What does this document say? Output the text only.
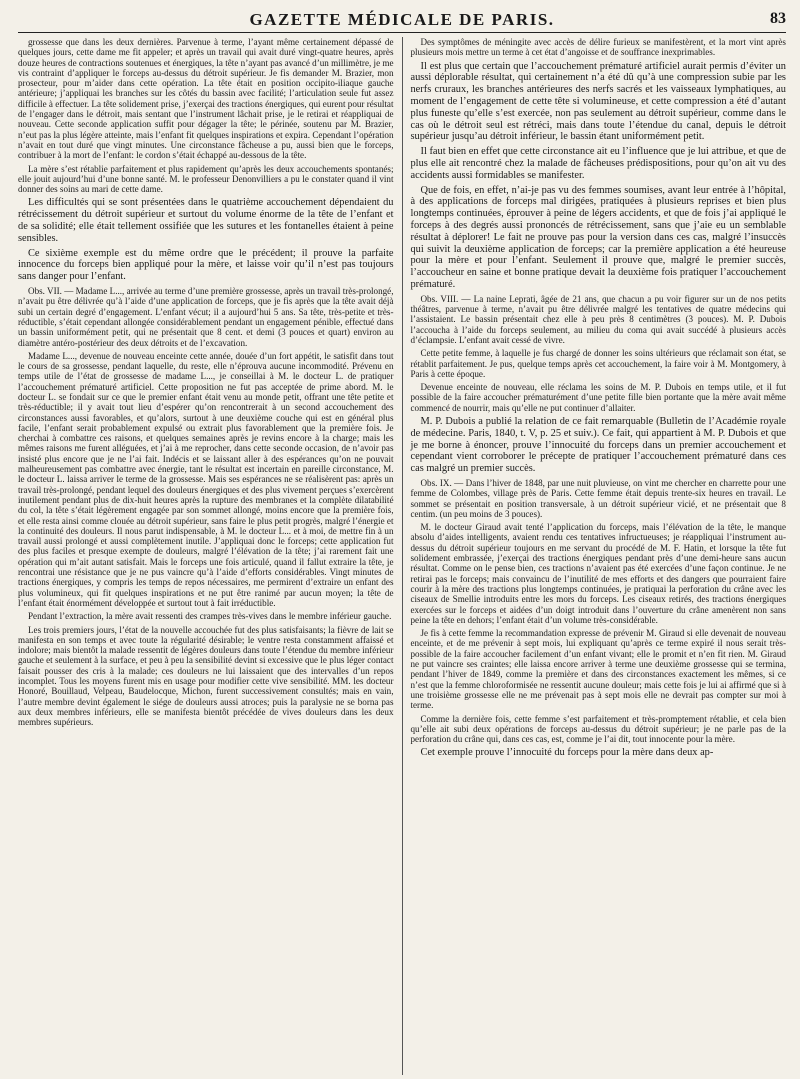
GAZETTE MÉDICALE DE PARIS.	83

grossesse que dans les deux dernières. Parvenue à terme, l’ayant même certainement dépassé de quelques jours, cette dame me fit appeler; et après un travail qui avait duré vingt-quatre heures, après douze heures de contractions soutenues et énergiques, la tête n’ayant pas avancé d’un millimètre, je me vis contraint d’appliquer le forceps au-dessus du détroit supérieur. Je fis demander M. Brazier, mon prosecteur, pour m’aider dans cette opération. La tête était en position occipito-iliaque gauche antérieure; j’appliquai les branches sur les côtés du bassin avec facilité; l’articulation seule fut assez difficile à effectuer. La tête solidement prise, j’exerçai des tractions énergiques, qui eurent pour résultat de l’engager dans le détroit, mais sentant que l’instrument lâchait prise, je le retirai et réappliquai de nouveau. Cette seconde application suffit pour dégager la tête; le périnée, soutenu par M. Brazier, n’eut pas la plus légère atteinte, mais l’enfant fit quelques inspirations et expira. Cependant l’opération n’avait en tout duré que vingt minutes. Une circonstance fâcheuse a pu, aussi bien que le forceps, contribuer à la mort de l’enfant: le cordon s’était échappé au-dessous de la tête.

La mère s’est rétablie parfaitement et plus rapidement qu’après les deux accouchements spontanés; elle jouit aujourd’hui d’une bonne santé. M. le professeur Denonvilliers a pu le constater quand il vint donner des soins au mari de cette dame.

Les difficultés qui se sont présentées dans le quatrième accouchement dépendaient du rétrécissement du détroit supérieur et surtout du volume énorme de la tête de l’enfant et de sa solidité; elle était tellement ossifiée que les sutures et les fontanelles étaient à peine sensibles.

Ce sixième exemple est du même ordre que le précédent; il prouve la parfaite innocence du forceps bien appliqué pour la mère, et laisse voir qu’il n’est pas toujours sans danger pour l’enfant.

Obs. VII. — Madame L..., arrivée au terme d’une première grossesse, après un travail très-prolongé, n’avait pu être délivrée qu’à l’aide d’une application de forceps, que je fis après que la tête avait déjà subi un certain degré d’engagement. L’enfant vécut; il a aujourd’hui 5 ans. Sa tête, très-petite et très-réductible, s’était cependant allongée considérablement pendant un engagement pénible, effectué dans un bassin uniformément petit, qui ne présentait que 8 cent. et demi (3 pouces et quart) environ au diamètre antéro-postérieur des deux détroits et de l’excavation.

Madame L..., devenue de nouveau enceinte cette année, douée d’un fort appétit, le satisfit dans tout le cours de sa grossesse, pendant laquelle, du reste, elle n’éprouva aucune incommodité. Prévenu en temps utile de l’état de grossesse de madame L..., je conseillai à M. le docteur L. de pratiquer l’accouchement prématuré artificiel. Cette proposition ne fut pas acceptée de prime abord. M. le docteur L. se fondait sur ce que le premier enfant était venu au monde petit, offrant une tête petite et très-réductible; il y avait tout lieu d’espérer qu’on rencontrerait à un second accouchement des circonstances aussi favorables, et qu’alors, surtout à une deuxième couche qui est en général plus facile, l’enfant serait probablement expulsé ou extrait plus favorablement que la première fois. Je cherchai à combattre ces raisons, et quelques semaines après je revins encore à la charge; mais les mêmes raisons me furent alléguées, et j’ai à me reprocher, dans cette seconde occasion, de n’avoir pas insisté plus encore que je ne l’ai fait. Indécis et se laissant aller à des espérances qu’on ne pouvait malheureusement pas combattre avec énergie, tant le résultat est incertain en pareille circonstance, M. le docteur L. laissa arriver le terme de la grossesse. Mais ses espérances ne se réalisèrent pas: après un travail très-prolongé, pendant lequel des douleurs énergiques et des plus vivement perçues s’exercèrent inutilement pendant plus de dix-huit heures après la rupture des membranes et la complète dilatabilité du col, la tête s’était légèrement engagée par son sommet allongé, moins encore que la première fois, et elle resta ainsi comme clouée au détroit supérieur, sans faire le plus petit progrès, malgré l’énergie et la continuité des douleurs. Il nous parut indispensable, à M. le docteur L... et à moi, de mettre fin à un travail aussi prolongé et aussi complètement inutile. J’appliquai donc le forceps; cette application fut des plus faciles et presque exempte de douleurs, malgré l’élévation de la tête; j’ai rarement fait une opération qui m’ait autant satisfait. Mais le forceps une fois articulé, quand il fallut extraire la tête, je rencontrai une résistance que je ne pus vaincre qu’à l’aide d’efforts considérables. Vingt minutes de tractions énergiques, y compris les temps de repos nécessaires, me permirent d’extraire un enfant des plus volumineux, qui fit quelques inspirations et ne put être ranimé par aucun moyen; la tête de l’enfant était énormément développée et surtout tout à fait irréductible.

Pendant l’extraction, la mère avait ressenti des crampes très-vives dans le membre inférieur gauche.

Les trois premiers jours, l’état de la nouvelle accouchée fut des plus satisfaisants; la fièvre de lait se manifesta en son temps et avec toute la régularité désirable; le ventre resta constamment affaissé et indolore; mais bientôt la malade ressentit de légères douleurs dans toute l’étendue du membre inférieur gauche et seulement à la surface, et peu à peu la sensibilité devint si excessive que le plus léger contact faisait pousser des cris à la malade; ces douleurs ne lui laissaient que des intervalles d’un repos incomplet. Tous les moyens furent mis en usage pour modifier cette vive sensibilité. MM. les docteur Honoré, Bouillaud, Velpeau, Baudelocque, Michon, furent successivement consultés; mais en vain, l’autre membre devint également le siége de douleurs aussi atroces; puis la paralysie ne se borna pas aux deux membres inférieurs, elle se manifesta bientôt précédée de vives douleurs dans les deux membres supérieurs.

Des symptômes de méningite avec accès de délire furieux se manifestèrent, et la mort vint après plusieurs mois mettre un terme à cet état d’angoisse et de souffrance inexprimables.

Il est plus que certain que l’accouchement prématuré artificiel aurait permis d’éviter un aussi déplorable résultat, qui certainement n’a été dû qu’à une compression subie par les nerfs cruraux, les branches antérieures des nerfs sacrés et les vaisseaux lymphatiques, au moment de l’engagement de cette tête si volumineuse, et cette compression a été d’autant plus funeste qu’elle s’est exercée, non pas seulement au détroit supérieur, comme dans le cas où le détroit seul est rétréci, mais dans toute l’étendue du canal, depuis le détroit supérieur jusqu’au détroit inférieur, le bassin étant uniformément petit.

Il faut bien en effet que cette circonstance ait eu l’influence que je lui attribue, et que de plus elle ait rencontré chez la malade de fâcheuses prédispositions, pour qu’on ait vu des accidents aussi formidables se manifester.

Que de fois, en effet, n’ai-je pas vu des femmes soumises, avant leur entrée à l’hôpital, à des applications de forceps mal dirigées, pratiquées à plusieurs reprises et bien plus longtemps continuées, éprouver à peine de légers accidents, et que de fois j’ai appliqué le forceps à des degrés aussi prononcés de rétrécissement, sans que j’aie eu un semblable résultat à déplorer! Le fait ne prouve pas pour la version dans ces cas, malgré l’insuccès qui suivit la deuxième application de forceps; car la première application a été heureuse pour la mère et pour l’enfant. Seulement il prouve que, malgré le premier succès, l’accoucheur en saine et bonne pratique devait la deuxième fois pratiquer l’accouchement prématuré.

Obs. VIII. — La naine Leprati, âgée de 21 ans, que chacun a pu voir figurer sur un de nos petits théâtres, parvenue à terme, n’avait pu être délivrée malgré les tentatives de quatre médecins qui l’assistaient. Le bassin présentait chez elle à peu près 8 centimètres (3 pouces). M. P. Dubois l’accoucha à l’aide du forceps seulement, au milieu du coma qui avait succédé à plusieurs accès d’éclampsie. L’enfant avait cessé de vivre.

Cette petite femme, à laquelle je fus chargé de donner les soins ultérieurs que réclamait son état, se rétablit parfaitement. Je pus, quelque temps après cet accouchement, la faire voir à M. Montgomery, à Paris à cette époque.

Devenue enceinte de nouveau, elle réclama les soins de M. P. Dubois en temps utile, et il fut possible de la faire accoucher prématurément d’une petite fille bien portante que la mère avait même commencé de nourrir, mais qu’elle ne put continuer d’allaiter.

M. P. Dubois a publié la relation de ce fait remarquable (Bulletin de l’Académie royale de médecine. Paris, 1840, t. V, p. 25 et suiv.). Ce fait, qui appartient à M. P. Dubois et que je me borne à énoncer, prouve l’innocuité du forceps dans un premier accouchement et cependant vient corroborer le précepte de pratiquer l’accouchement prématuré dans ces cas malgré un premier succès.

Obs. IX. — Dans l’hiver de 1848, par une nuit pluvieuse, on vint me chercher en charrette pour une femme de Colombes, village près de Paris. Cette femme était depuis trente-six heures en travail. Le sommet se présentait en position transversale, à un détroit supérieur vicié, et ne présentait que 8 centim. (un peu moins de 3 pouces).

M. le docteur Giraud avait tenté l’application du forceps, mais l’élévation de la tête, le manque absolu d’aides intelligents, avaient rendu ces tentatives infructueuses; je réappliquai l’instrument au-dessus du détroit supérieur toujours en me servant du procédé de M. F. Hatin, et lorsque la tête fut solidement embrassée, j’exerçai des tractions énergiques pendant près d’une demi-heure sans aucun résultat. Comme on le pense bien, ces tractions n’avaient pas été exercées d’une façon continue. Je ne retirai pas le forceps; mais convaincu de l’inutilité de mes efforts et des dangers que pourraient faire courir à la mère des tractions plus longtemps continuées, je pratiquai la perforation du crâne avec les ciseaux de Smellie introduits entre les mors du forceps. Les ciseaux retirés, des tractions énergiques exercées sur le forceps et aidées d’un doigt introduit dans l’ouverture du crâne amenèrent non sans peine la tête en dehors; l’enfant était d’un volume très-considérable.

Je fis à cette femme la recommandation expresse de prévenir M. Giraud si elle devenait de nouveau enceinte, et de me prévenir à sept mois, lui expliquant qu’après ce terme expiré il nous serait très-possible de la faire accoucher facilement d’un enfant vivant; elle le promit et n’en fit rien. M. Giraud ne put vaincre ses craintes; elle laissa encore arriver à terme une deuxième grossesse qui se termina, pendant l’hiver de 1849, comme la première et dans des circonstances exactement les mêmes, si ce n’est que la femme chloroformisée ne ressentit aucune douleur; mais cette fois je lui ai affirmé que si à une troisième grossesse elle ne me prévenait pas à sept mois elle ne devrait pas compter sur moi à terme.

Comme la dernière fois, cette femme s’est parfaitement et très-promptement rétablie, et cela bien qu’elle ait subi deux opérations de forceps au-dessus du détroit supérieur; je ne parle pas de la perforation du crâne qui, dans ces cas, est, comme je l’ai dit, tout innocente pour la mère.

Cet exemple prouve l’innocuité du forceps pour la mère dans deux ap-
